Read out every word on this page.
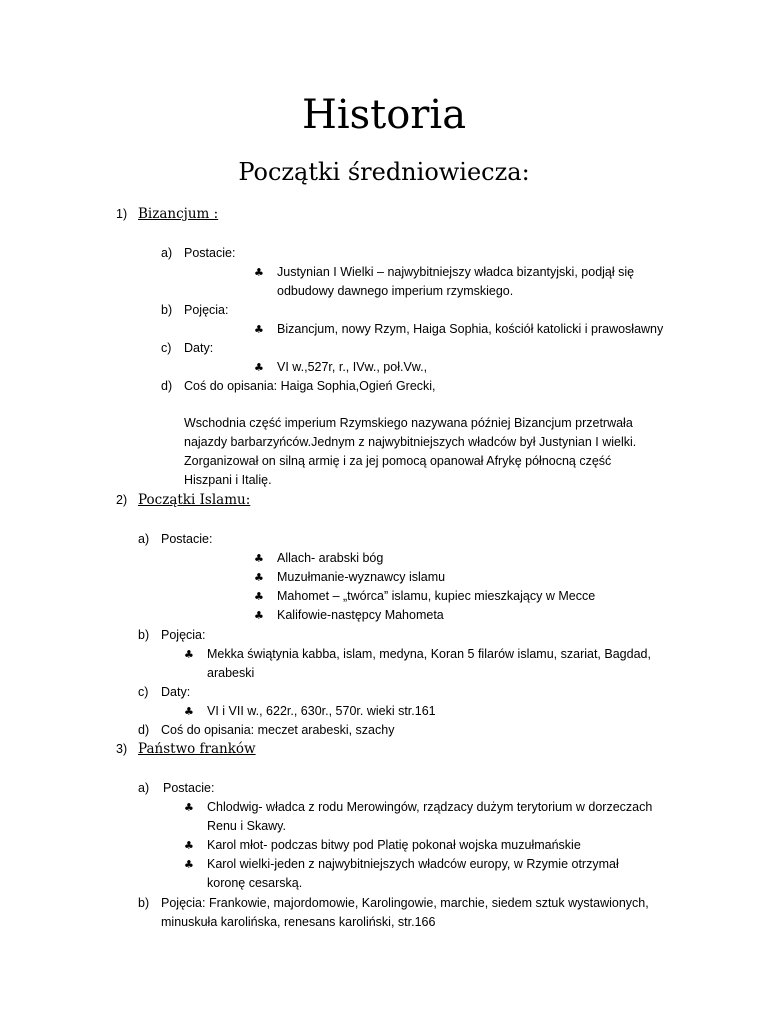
Historia
Początki średniowiecza:
1) Bizancjum :
a) Postacie:
♣ Justynian I Wielki – najwybitniejszy władca bizantyjski, podjął się
odbudowy dawnego imperium rzymskiego.
b) Pojęcia:
♣ Bizancjum, nowy Rzym, Haiga Sophia, kościół katolicki i prawosławny
c) Daty:
♣ VI w.,527r, r., IVw., poł.Vw.,
d) Coś do opisania: Haiga Sophia,Ogień Grecki,
Wschodnia część imperium Rzymskiego nazywana później Bizancjum przetrwała
najazdy barbarzyńców.Jednym z najwybitniejszych władców był Justynian I wielki.
Zorganizował on silną armię i za jej pomocą opanował Afrykę północną część
Hiszpani i Italię.
2) Początki Islamu:
a) Postacie:
♣ Allach- arabski bóg
♣ Muzułmanie-wyznawcy islamu
♣ Mahomet – „twórca” islamu, kupiec mieszkający w Mecce
♣ Kalifowie-następcy Mahometa
b) Pojęcia:
♣ Mekka świątynia kabba, islam, medyna, Koran 5 filarów islamu, szariat, Bagdad,
arabeski
c) Daty:
♣ VI i VII w., 622r., 630r., 570r. wieki str.161
d) Coś do opisania: meczet arabeski, szachy
3) Państwo franków
a) Postacie:
♣ Chlodwig- władca z rodu Merowingów, rządzacy dużym terytorium w dorzeczach
Renu i Skawy.
♣ Karol młot- podczas bitwy pod Platię pokonał wojska muzułmańskie
♣ Karol wielki-jeden z najwybitniejszych władców europy, w Rzymie otrzymał
koronę cesarską.
b) Pojęcia: Frankowie, majordomowie, Karolingowie, marchie, siedem sztuk wystawionych,
minuskuła karolińska, renesans karoliński, str.166
